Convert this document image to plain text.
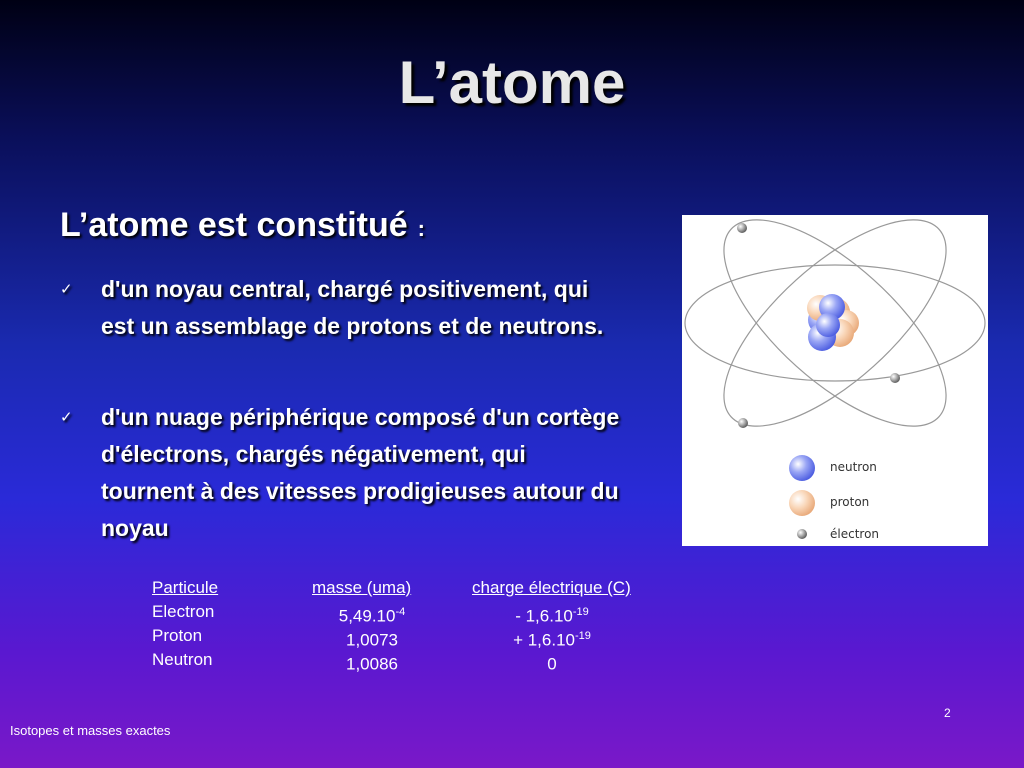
L’atome
L’atome est constitué :
✓ d'un noyau central, chargé positivement, qui est un assemblage de protons et de neutrons.
✓ d'un nuage périphérique composé d'un cortège d'électrons, chargés négativement, qui tournent à des vitesses prodigieuses autour du noyau
neutron
proton
électron
Particule	masse (uma)	charge électrique (C)
Electron	$5,49.10^{-4}$	- $1,6.10^{-19}$
Proton	1,0073	+ $1,6.10^{-19}$
Neutron	1,0086	0
2
Isotopes et masses exactes
